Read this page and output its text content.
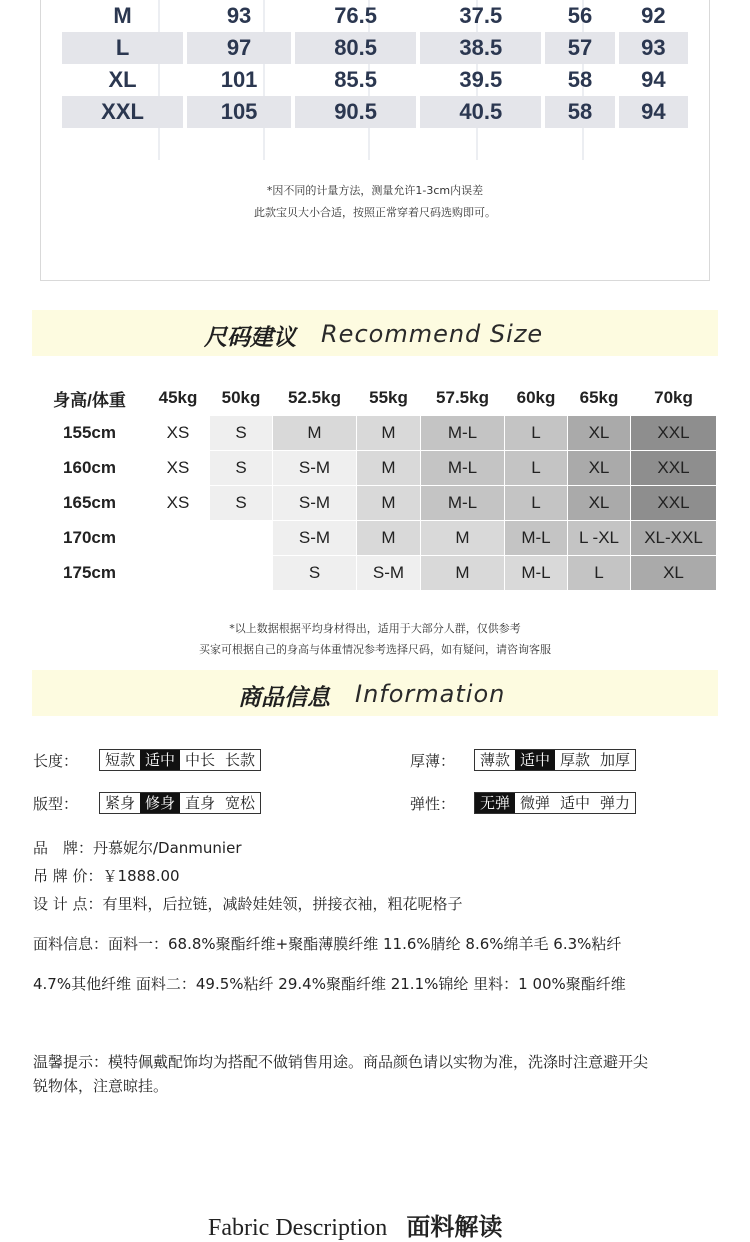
M	93	76.5	37.5	56	92
L	97	80.5	38.5	57	93
XL	101	85.5	39.5	58	94
XXL	105	90.5	40.5	58	94
*因不同的计量方法，测量允许1-3cm内误差
此款宝贝大小合适，按照正常穿着尺码选购即可。
尺码建议 Recommend Size
身高/体重	45kg	50kg	52.5kg	55kg	57.5kg	60kg	65kg	70kg
155cm	XS	S	M	M	M-L	L	XL	XXL
160cm	XS	S	S-M	M	M-L	L	XL	XXL
165cm	XS	S	S-M	M	M-L	L	XL	XXL
170cm			S-M	M	M	M-L	L -XL	XL-XXL
175cm			S	S-M	M	M-L	L	XL
*以上数据根据平均身材得出，适用于大部分人群，仅供参考
买家可根据自己的身高与体重情况参考选择尺码，如有疑问，请咨询客服
商品信息 Information
长度：	短款 适中 中长 长款	厚薄：	薄款 适中 厚款 加厚
版型：	紧身 修身 直身 宽松	弹性：	无弹 微弹 适中 弹力
品　牌：丹慕妮尔/Danmunier
吊 牌 价：￥1888.00
设 计 点：有里料，后拉链，减龄娃娃领，拼接衣袖，粗花呢格子
面料信息：面料一：68.8%聚酯纤维+聚酯薄膜纤维 11.6%腈纶 8.6%绵羊毛 6.3%粘纤
4.7%其他纤维 面料二：49.5%粘纤 29.4%聚酯纤维 21.1%锦纶 里料：1 00%聚酯纤维
温馨提示：模特佩戴配饰均为搭配不做销售用途。商品颜色请以实物为准，洗涤时注意避开尖
锐物体，注意晾挂。
Fabric Description 面料解读
